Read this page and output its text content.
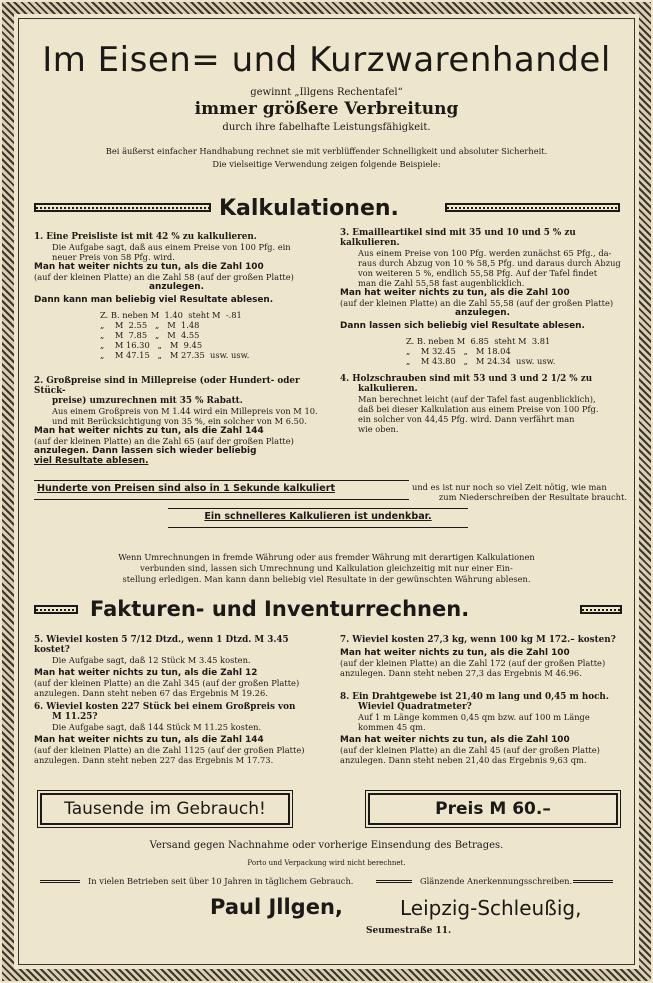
Im Eisen= und Kurzwarenhandel
gewinnt „Illgens Rechentafel“
immer größere Verbreitung
durch ihre fabelhafte Leistungsfähigkeit.
Bei äußerst einfacher Handhabung rechnet sie mit verblüffender Schnelligkeit und absoluter Sicherheit.
Die vielseitige Verwendung zeigen folgende Beispiele:
Kalkulationen.
1. Eine Preisliste ist mit 42 % zu kalkulieren.
Die Aufgabe sagt, daß aus einem Preise von 100 Pfg. ein
neuer Preis von 58 Pfg. wird.
Man hat weiter nichts zu tun, als die Zahl 100
(auf der kleinen Platte) an die Zahl 58 (auf der großen Platte)
anzulegen.
Dann kann man beliebig viel Resultate ablesen.
Z. B. neben M  1.40  steht M  -.81
„    M  2.55   „   M  1.48
„    M  7.85   „   M  4.55
„    M 16.30   „   M  9.45
„    M 47.15   „   M 27.35  usw. usw.
2. Großpreise sind in Millepreise (oder Hundert- oder Stück-
preise) umzurechnen mit 35 % Rabatt.
Aus einem Großpreis von M 1.44 wird ein Millepreis von M 10.
und mit Berücksichtigung von 35 %, ein solcher von M 6.50.
Man hat weiter nichts zu tun, als die Zahl 144
(auf der kleinen Platte) an die Zahl 65 (auf der großen Platte)
anzulegen. Dann lassen sich wieder beliebig
viel Resultate ablesen.
3. Emailleartikel sind mit 35 und 10 und 5 % zu kalkulieren.
Aus einem Preise von 100 Pfg. werden zunächst 65 Pfg., da-
raus durch Abzug von 10 % 58,5 Pfg. und daraus durch Abzug
von weiteren 5 %, endlich 55,58 Pfg. Auf der Tafel findet
man die Zahl 55,58 fast augenblicklich.
Man hat weiter nichts zu tun, als die Zahl 100
(auf der kleinen Platte) an die Zahl 55,58 (auf der großen Platte)
anzulegen.
Dann lassen sich beliebig viel Resultate ablesen.
Z. B. neben M  6.85  steht M  3.81
„    M 32.45   „   M 18.04
„    M 43.80   „   M 24.34  usw. usw.
4. Holzschrauben sind mit 53 und 3 und 2 1/2 % zu
kalkulieren.
Man berechnet leicht (auf der Tafel fast augenblicklich),
daß bei dieser Kalkulation aus einem Preise von 100 Pfg.
ein solcher von 44,45 Pfg. wird. Dann verfährt man
wie oben.
Hunderte von Preisen sind also in 1 Sekunde kalkuliert	und es ist nur noch so viel Zeit nötig, wie man
zum Niederschreiben der Resultate braucht.
Ein schnelleres Kalkulieren ist undenkbar.
Wenn Umrechnungen in fremde Währung oder aus fremder Währung mit derartigen Kalkulationen
verbunden sind, lassen sich Umrechnung und Kalkulation gleichzeitig mit nur einer Ein-
stellung erledigen. Man kann dann beliebig viel Resultate in der gewünschten Währung ablesen.
Fakturen- und Inventurrechnen.
5. Wieviel kosten 5 7/12 Dtzd., wenn 1 Dtzd. M 3.45 kostet?
Die Aufgabe sagt, daß 12 Stück M 3.45 kosten.
Man hat weiter nichts zu tun, als die Zahl 12
(auf der kleinen Platte) an die Zahl 345 (auf der großen Platte)
anzulegen. Dann steht neben 67 das Ergebnis M 19.26.
6. Wieviel kosten 227 Stück bei einem Großpreis von
M 11.25?
Die Aufgabe sagt, daß 144 Stück M 11.25 kosten.
Man hat weiter nichts zu tun, als die Zahl 144
(auf der kleinen Platte) an die Zahl 1125 (auf der großen Platte)
anzulegen. Dann steht neben 227 das Ergebnis M 17.73.
7. Wieviel kosten 27,3 kg, wenn 100 kg M 172.– kosten?
Man hat weiter nichts zu tun, als die Zahl 100
(auf der kleinen Platte) an die Zahl 172 (auf der großen Platte)
anzulegen. Dann steht neben 27,3 das Ergebnis M 46.96.
8. Ein Drahtgewebe ist 21,40 m lang und 0,45 m hoch.
Wieviel Quadratmeter?
Auf 1 m Länge kommen 0,45 qm bzw. auf 100 m Länge
kommen 45 qm.
Man hat weiter nichts zu tun, als die Zahl 100
(auf der kleinen Platte) an die Zahl 45 (auf der großen Platte)
anzulegen. Dann steht neben 21,40 das Ergebnis 9,63 qm.
Tausende im Gebrauch!	Preis M 60.–
Versand gegen Nachnahme oder vorherige Einsendung des Betrages.
Porto und Verpackung wird nicht berechnet.
In vielen Betrieben seit über 10 Jahren in täglichem Gebrauch.	Glänzende Anerkennungsschreiben.
Paul Jllgen,	Leipzig-Schleußig,
Seumestraße 11.
